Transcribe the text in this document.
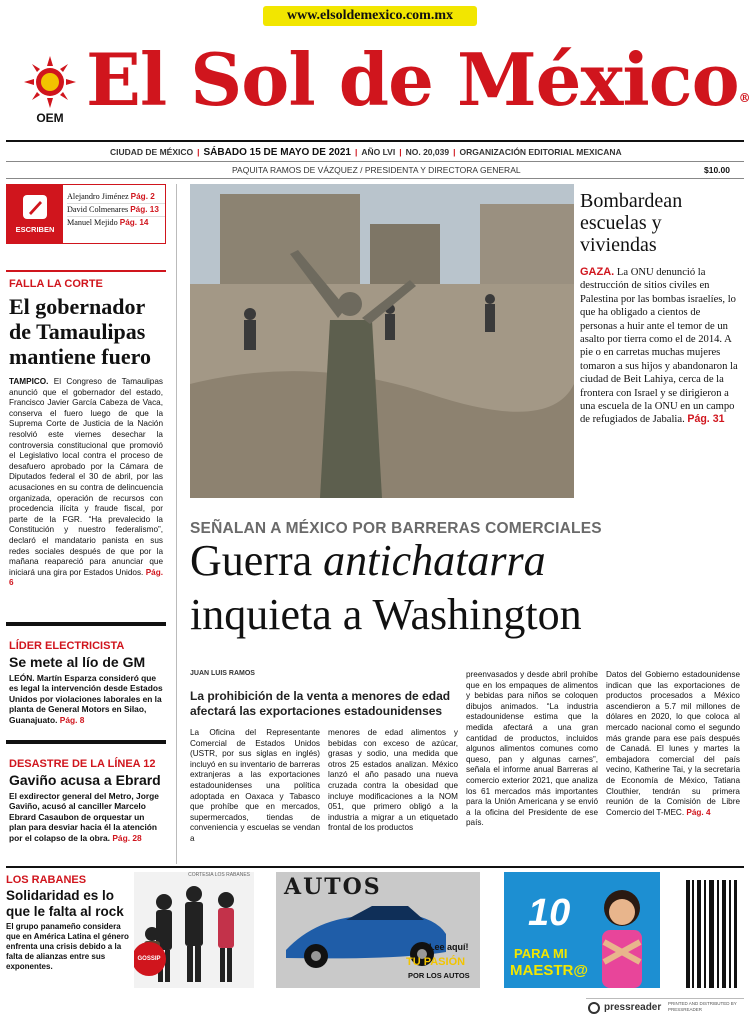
www.elsoldemexico.com.mx
OEM El Sol de México®
CIUDAD DE MÉXICO | SÁBADO 15 DE MAYO DE 2021 | AÑO LVI | NO. 20,039 | ORGANIZACIÓN EDITORIAL MEXICANA
PAQUITA RAMOS DE VÁZQUEZ / PRESIDENTA Y DIRECTORA GENERAL	$10.00
ESCRIBEN
Alejandro Jiménez Pág. 2
David Colmenares Pág. 13
Manuel Mejido Pág. 14
FALLA LA CORTE
El gobernador de Tamaulipas mantiene fuero
TAMPICO. El Congreso de Tamaulipas anunció que el gobernador del estado, Francisco Javier García Cabeza de Vaca, conserva el fuero luego de que la Suprema Corte de Justicia de la Nación resolvió este viernes desechar la controversia constitucional que promovió el Legislativo local contra el proceso de desafuero aprobado por la Cámara de Diputados federal el 30 de abril, por las acusaciones en su contra de delincuencia organizada, operación de recursos con procedencia ilícita y fraude fiscal, por parte de la FGR. “Ha prevalecido la Constitución y nuestro federalismo”, declaró el mandatario panista en sus redes sociales después de que por la mañana reapareció para anunciar que iniciará una gira por Estados Unidos. Pág. 6
LÍDER ELECTRICISTA
Se mete al lío de GM
LEÓN. Martín Esparza consideró que es legal la intervención desde Estados Unidos por violaciones laborales en la planta de General Motors en Silao, Guanajuato. Pág. 8
DESASTRE DE LA LÍNEA 12
Gaviño acusa a Ebrard
El exdirector general del Metro, Jorge Gaviño, acusó al canciller Marcelo Ebrard Casaubon de orquestar un plan para desviar hacia él la atención por el colapso de la obra. Pág. 28
LOS RABANES
Solidaridad es lo que le falta al rock
El grupo panameño considera que en América Latina el género enfrenta una crisis debido a la falta de alianzas entre sus exponentes.
CORTESÍA LOS RABANES
GOSSIP
AUTOS
¡Lee aquí!
TU PASIÓN
POR LOS AUTOS
10
PARA MI
MAESTR@
pressreader PRINTED AND DISTRIBUTED BY PRESSREADER
Bombardean escuelas y viviendas
GAZA. La ONU denunció la destrucción de sitios civiles en Palestina por las bombas israelíes, lo que ha obligado a cientos de personas a huir ante el temor de un asalto por tierra como el de 2014. A pie o en carretas muchas mujeres tomaron a sus hijos y abandonaron la ciudad de Beit Lahiya, cerca de la frontera con Israel y se dirigieron a una escuela de la ONU en un campo de refugiados de Jabalia. Pág. 31
SEÑALAN A MÉXICO POR BARRERAS COMERCIALES
Guerra antichatarra
inquieta a Washington
JUAN LUIS RAMOS
La prohibición de la venta a menores de edad afectará las exportaciones estadounidenses
La Oficina del Representante Comercial de Estados Unidos (USTR, por sus siglas en inglés) incluyó en su inventario de barreras extranjeras a las exportaciones estadounidenses una política adoptada en Oaxaca y Tabasco que prohíbe que en mercados, supermercados, tiendas de conveniencia y escuelas se vendan a
menores de edad alimentos y bebidas con exceso de azúcar, grasas y sodio, una medida que otros 25 estados analizan. México lanzó el año pasado una nueva cruzada contra la obesidad que incluye modificaciones a la NOM 051, que primero obligó a la industria a migrar a un etiquetado frontal de los productos
preenvasados y desde abril prohíbe que en los empaques de alimentos y bebidas para niños se coloquen dibujos animados. “La industria estadounidense estima que la medida afectará a una gran cantidad de productos, incluidos algunos alimentos comunes como queso, pan y algunas carnes”, señala el informe anual Barreras al comercio exterior 2021, que analiza los 61 mercados más importantes para la Unión Americana y se envió a la oficina del Presidente de ese país.
Datos del Gobierno estadounidense indican que las exportaciones de productos procesados a México ascendieron a 5.7 mil millones de dólares en 2020, lo que coloca al mercado nacional como el segundo más grande para ese país después de Canadá. El lunes y martes la embajadora comercial del país vecino, Katherine Tai, y la secretaria de Economía de México, Tatiana Clouthier, tendrán su primera reunión de la Comisión de Libre Comercio del T-MEC. Pág. 4
